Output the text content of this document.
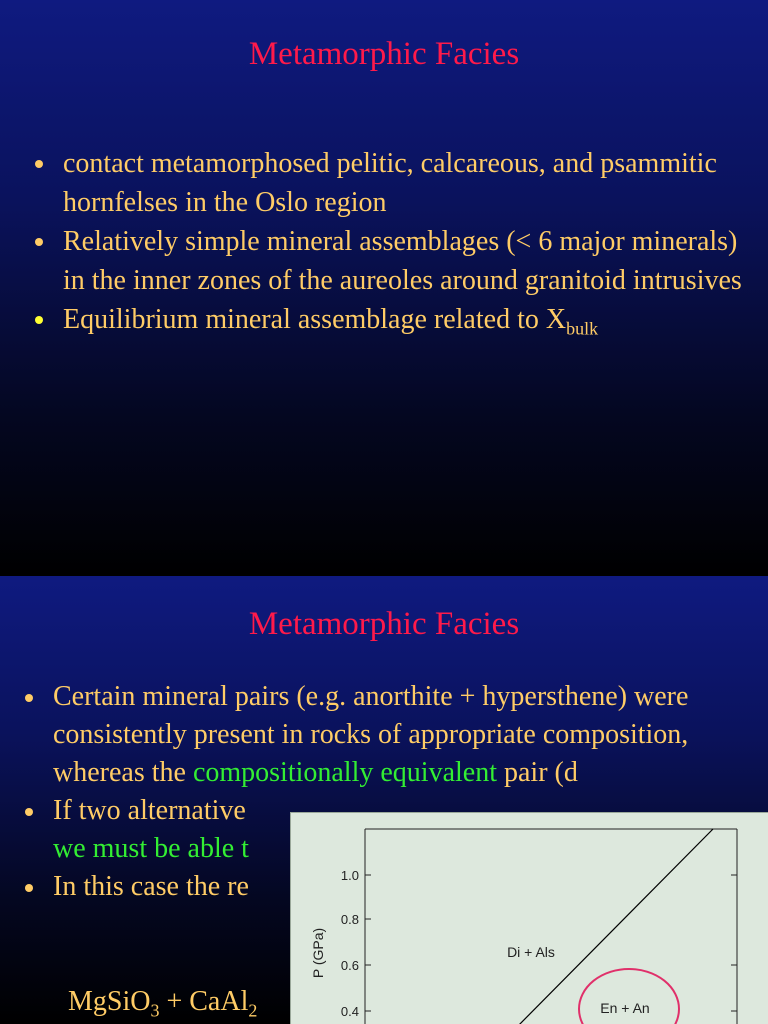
Metamorphic Facies
contact metamorphosed pelitic, calcareous, and psammitic hornfelses in the Oslo region
Relatively simple mineral assemblages (< 6 major minerals) in the inner zones of the aureoles around granitoid intrusives
Equilibrium mineral assemblage related to $X_{bulk}$
Metamorphic Facies
Certain mineral pairs (e.g. anorthite + hypersthene) were consistently present in rocks of appropriate composition, whereas the compositionally equivalent pair (d
If two alternative
we must be able t
In this case the re
MgSiO$_3$ + CaAl$_2$
1.0
0.8
0.6
0.4
P (GPa)	Di + Als
En + An
